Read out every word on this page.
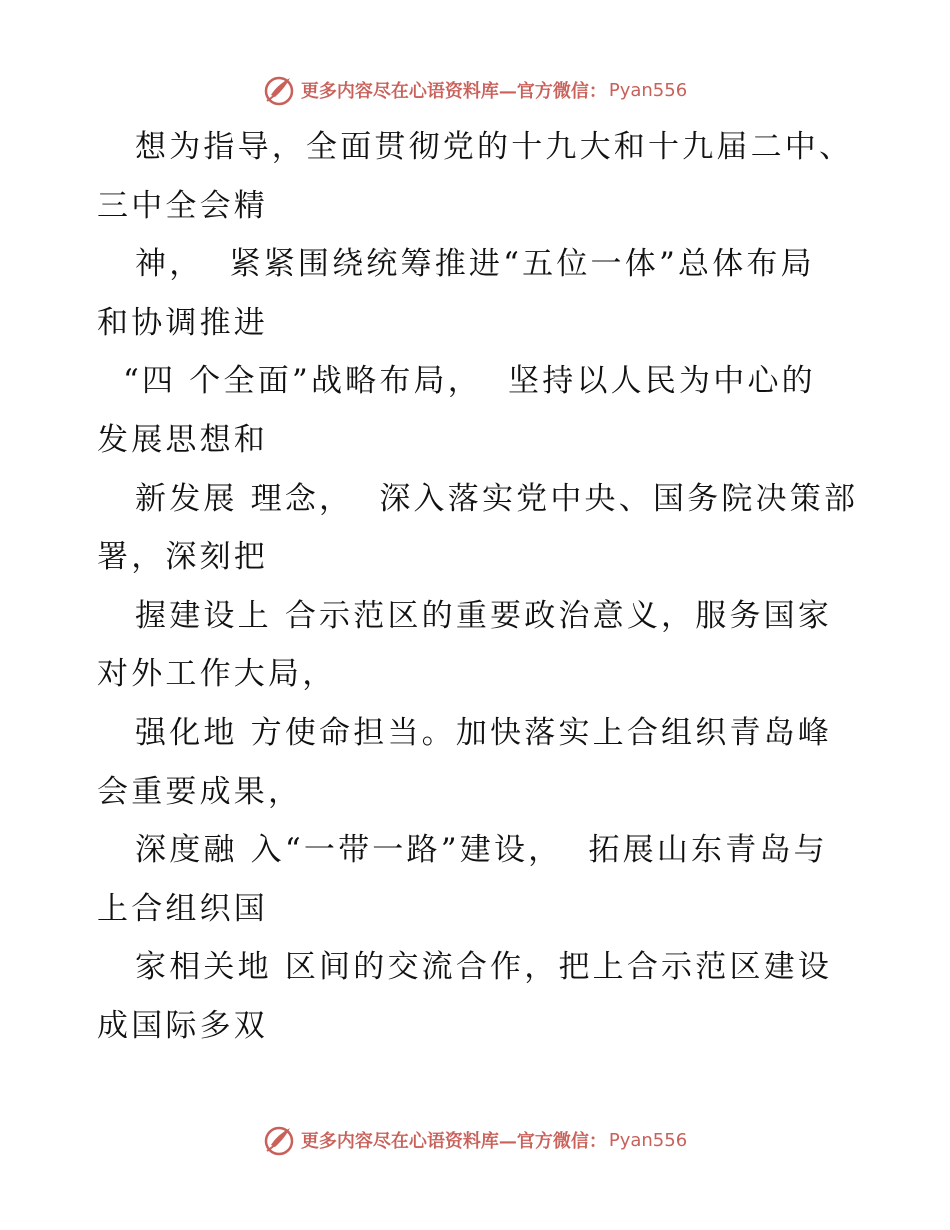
更多内容尽在心语资料库—官方微信： Pyan556
想为指导，全面贯彻党的十九大和十九届二中、
三中全会精
神，  紧紧围绕统筹推进“五位一体”总体布局
和协调推进
“四 个全面”战略布局，  坚持以人民为中心的
发展思想和
新发展 理念，  深入落实党中央、国务院决策部
署，深刻把
握建设上 合示范区的重要政治意义，服务国家
对外工作大局，
强化地 方使命担当。加快落实上合组织青岛峰
会重要成果，
深度融 入“一带一路”建设，  拓展山东青岛与
上合组织国
家相关地 区间的交流合作，把上合示范区建设
成国际多双
更多内容尽在心语资料库—官方微信： Pyan556
